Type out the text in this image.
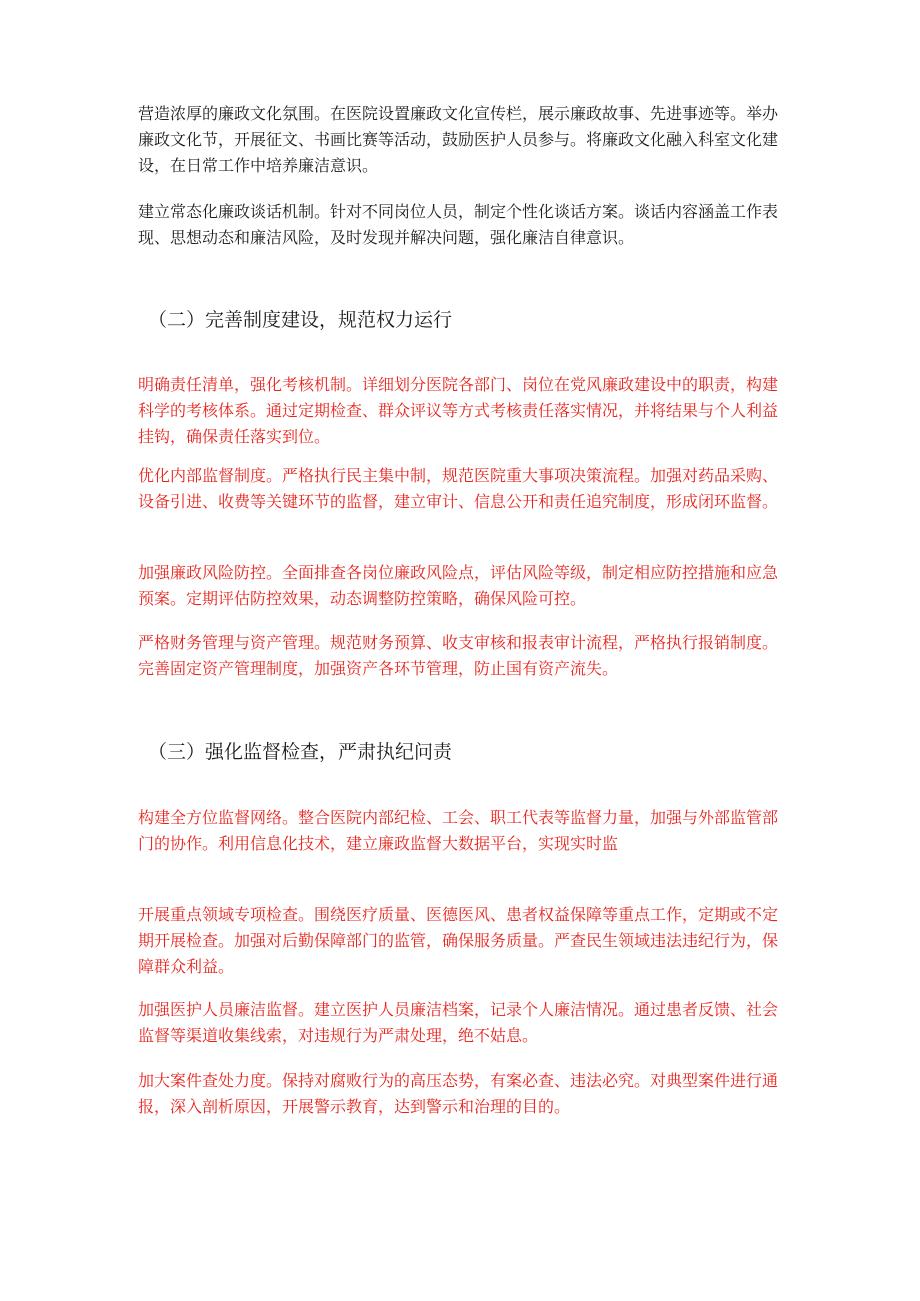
营造浓厚的廉政文化氛围。在医院设置廉政文化宣传栏，展示廉政故事、先进事迹等。举办廉政文化节，开展征文、书画比赛等活动，鼓励医护人员参与。将廉政文化融入科室文化建设，在日常工作中培养廉洁意识。

建立常态化廉政谈话机制。针对不同岗位人员，制定个性化谈话方案。谈话内容涵盖工作表现、思想动态和廉洁风险，及时发现并解决问题，强化廉洁自律意识。

（二）完善制度建设，规范权力运行

明确责任清单，强化考核机制。详细划分医院各部门、岗位在党风廉政建设中的职责，构建科学的考核体系。通过定期检查、群众评议等方式考核责任落实情况，并将结果与个人利益挂钩，确保责任落实到位。

优化内部监督制度。严格执行民主集中制，规范医院重大事项决策流程。加强对药品采购、设备引进、收费等关键环节的监督，建立审计、信息公开和责任追究制度，形成闭环监督。

加强廉政风险防控。全面排查各岗位廉政风险点，评估风险等级，制定相应防控措施和应急预案。定期评估防控效果，动态调整防控策略，确保风险可控。

严格财务管理与资产管理。规范财务预算、收支审核和报表审计流程，严格执行报销制度。完善固定资产管理制度，加强资产各环节管理，防止国有资产流失。

（三）强化监督检查，严肃执纪问责

构建全方位监督网络。整合医院内部纪检、工会、职工代表等监督力量，加强与外部监管部门的协作。利用信息化技术，建立廉政监督大数据平台，实现实时监

开展重点领域专项检查。围绕医疗质量、医德医风、患者权益保障等重点工作，定期或不定期开展检查。加强对后勤保障部门的监管，确保服务质量。严查民生领域违法违纪行为，保障群众利益。

加强医护人员廉洁监督。建立医护人员廉洁档案，记录个人廉洁情况。通过患者反馈、社会监督等渠道收集线索，对违规行为严肃处理，绝不姑息。

加大案件查处力度。保持对腐败行为的高压态势，有案必查、违法必究。对典型案件进行通报，深入剖析原因，开展警示教育，达到警示和治理的目的。
